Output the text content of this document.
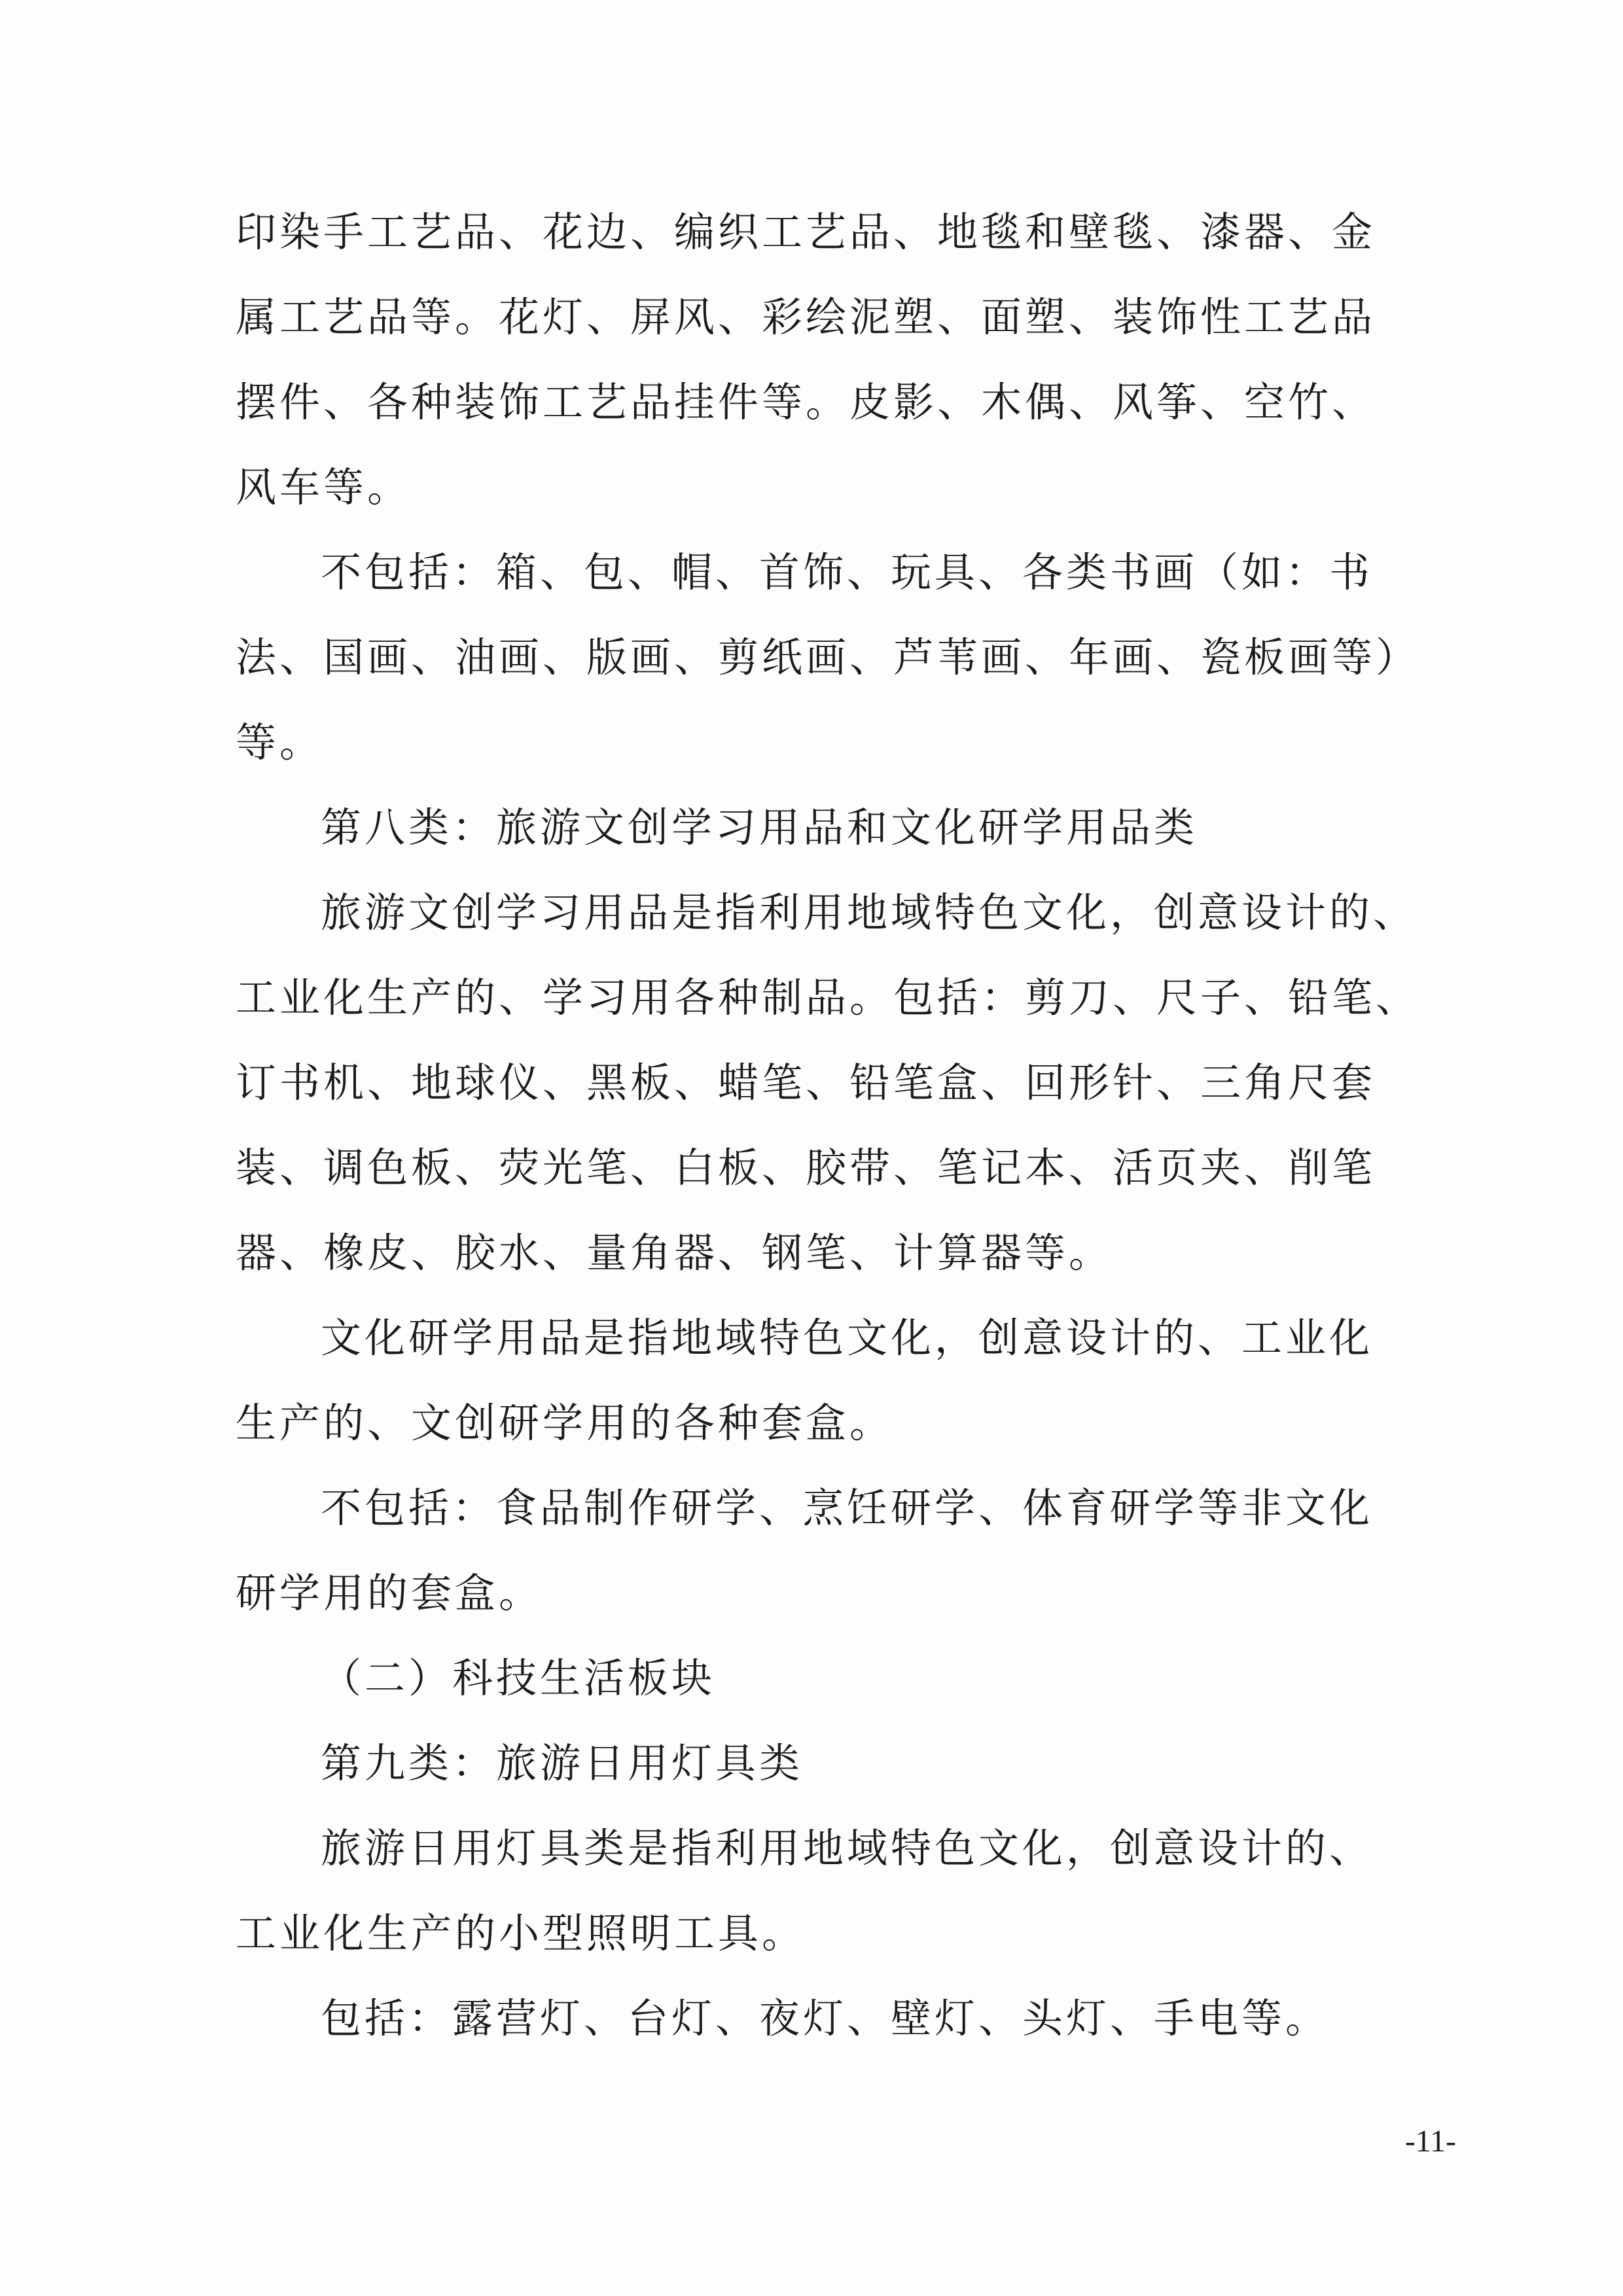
印染手工艺品、花边、编织工艺品、地毯和壁毯、漆器、金

属工艺品等。花灯、屏风、彩绘泥塑、面塑、装饰性工艺品

摆件、各种装饰工艺品挂件等。皮影、木偶、风筝、空竹、

风车等。

不包括：箱、包、帽、首饰、玩具、各类书画（如：书

法、国画、油画、版画、剪纸画、芦苇画、年画、瓷板画等）

等。

第八类：旅游文创学习用品和文化研学用品类

旅游文创学习用品是指利用地域特色文化，创意设计的、

工业化生产的、学习用各种制品。包括：剪刀、尺子、铅笔、

订书机、地球仪、黑板、蜡笔、铅笔盒、回形针、三角尺套

装、调色板、荧光笔、白板、胶带、笔记本、活页夹、削笔

器、橡皮、胶水、量角器、钢笔、计算器等。

文化研学用品是指地域特色文化，创意设计的、工业化

生产的、文创研学用的各种套盒。

不包括：食品制作研学、烹饪研学、体育研学等非文化

研学用的套盒。

（二）科技生活板块

第九类：旅游日用灯具类

旅游日用灯具类是指利用地域特色文化，创意设计的、

工业化生产的小型照明工具。

包括：露营灯、台灯、夜灯、壁灯、头灯、手电等。

-11-
